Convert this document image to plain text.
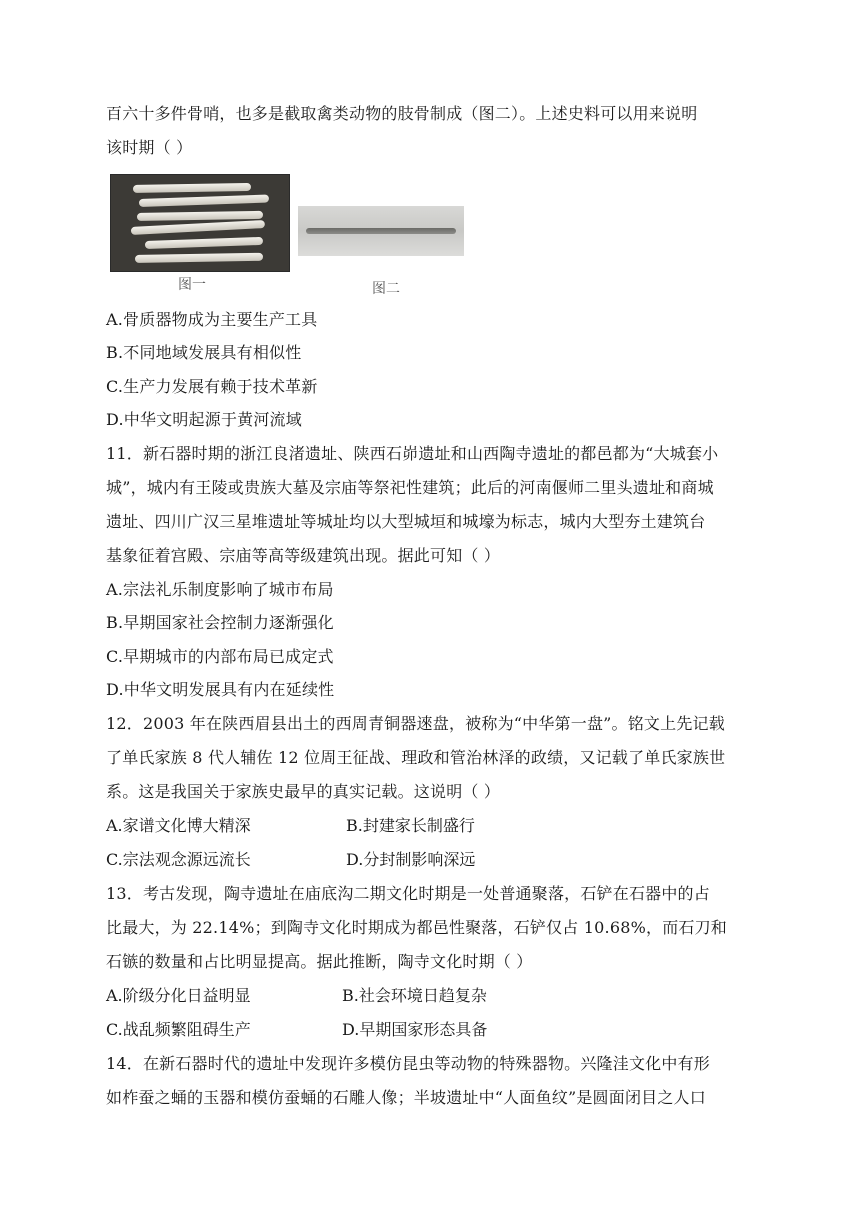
百六十多件骨哨，也多是截取禽类动物的肢骨制成（图二）。上述史料可以用来说明
该时期（ ）
图一	图二
A.骨质器物成为主要生产工具
B.不同地域发展具有相似性
C.生产力发展有赖于技术革新
D.中华文明起源于黄河流域
11．新石器时期的浙江良渚遗址、陕西石峁遗址和山西陶寺遗址的都邑都为“大城套小
城”，城内有王陵或贵族大墓及宗庙等祭祀性建筑；此后的河南偃师二里头遗址和商城
遗址、四川广汉三星堆遗址等城址均以大型城垣和城壕为标志，城内大型夯土建筑台
基象征着宫殿、宗庙等高等级建筑出现。据此可知（ ）
A.宗法礼乐制度影响了城市布局
B.早期国家社会控制力逐渐强化
C.早期城市的内部布局已成定式
D.中华文明发展具有内在延续性
12．2003 年在陕西眉县出土的西周青铜器逨盘，被称为“中华第一盘”。铭文上先记载
了单氏家族 8 代人辅佐 12 位周王征战、理政和管治林泽的政绩，又记载了单氏家族世
系。这是我国关于家族史最早的真实记载。这说明（ ）
A.家谱文化博大精深	B.封建家长制盛行
C.宗法观念源远流长	D.分封制影响深远
13．考古发现，陶寺遗址在庙底沟二期文化时期是一处普通聚落，石铲在石器中的占
比最大，为 22.14%；到陶寺文化时期成为都邑性聚落，石铲仅占 10.68%，而石刀和
石镞的数量和占比明显提高。据此推断，陶寺文化时期（ ）
A.阶级分化日益明显	B.社会环境日趋复杂
C.战乱频繁阻碍生产	D.早期国家形态具备
14．在新石器时代的遗址中发现许多模仿昆虫等动物的特殊器物。兴隆洼文化中有形
如柞蚕之蛹的玉器和模仿蚕蛹的石雕人像；半坡遗址中“人面鱼纹”是圆面闭目之人口
